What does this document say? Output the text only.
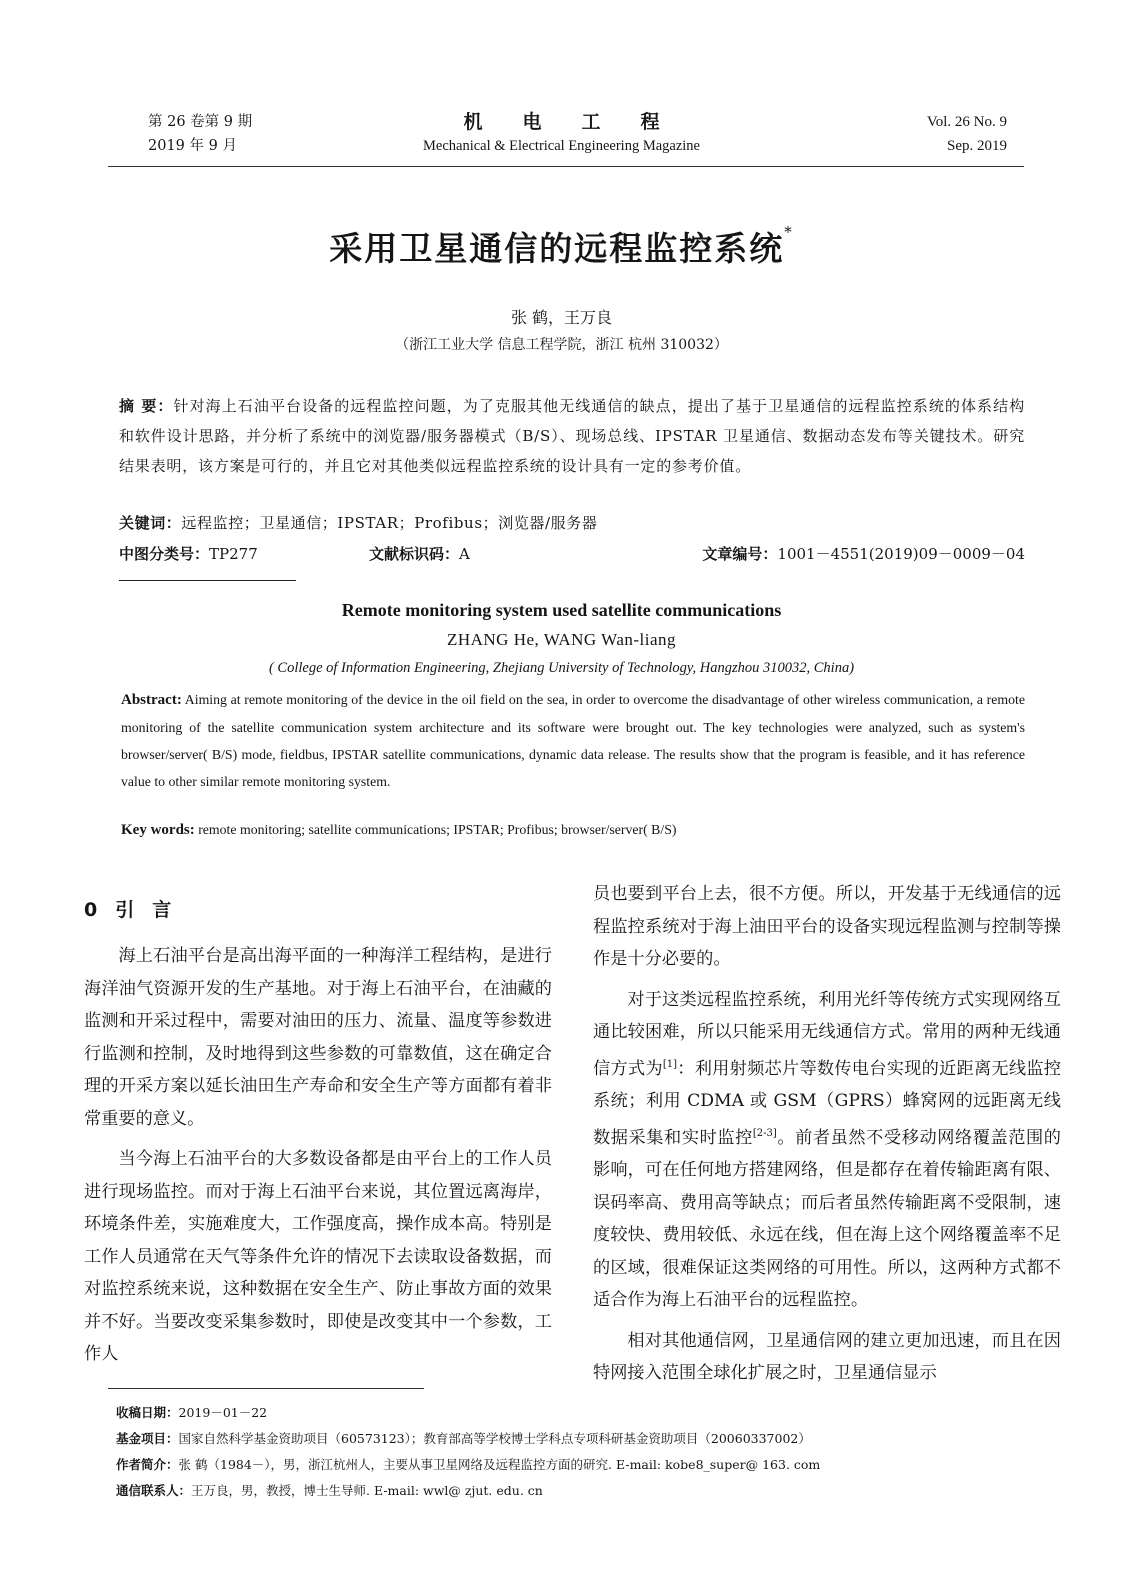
第 26 卷第 9 期
2019 年 9 月
机电工程
Mechanical & Electrical Engineering Magazine
Vol. 26 No. 9
Sep. 2019
采用卫星通信的远程监控系统*
张 鹤，王万良
（浙江工业大学 信息工程学院，浙江 杭州 310032）
摘 要：针对海上石油平台设备的远程监控问题，为了克服其他无线通信的缺点，提出了基于卫星通信的远程监控系统的体系结构和软件设计思路，并分析了系统中的浏览器/服务器模式（B/S）、现场总线、IPSTAR 卫星通信、数据动态发布等关键技术。研究结果表明，该方案是可行的，并且它对其他类似远程监控系统的设计具有一定的参考价值。
关键词：远程监控；卫星通信；IPSTAR；Profibus；浏览器/服务器
中图分类号：TP277	文献标识码：A	文章编号：1001－4551(2019)09－0009－04
Remote monitoring system used satellite communications
ZHANG He, WANG Wan-liang
( College of Information Engineering, Zhejiang University of Technology, Hangzhou 310032, China)
Abstract: Aiming at remote monitoring of the device in the oil field on the sea, in order to overcome the disadvantage of other wireless communication, a remote monitoring of the satellite communication system architecture and its software were brought out. The key technologies were analyzed, such as system's browser/server( B/S) mode, fieldbus, IPSTAR satellite communications, dynamic data release. The results show that the program is feasible, and it has reference value to other similar remote monitoring system.
Key words: remote monitoring; satellite communications; IPSTAR; Profibus; browser/server( B/S)
0 引言

海上石油平台是高出海平面的一种海洋工程结构，是进行海洋油气资源开发的生产基地。对于海上石油平台，在油藏的监测和开采过程中，需要对油田的压力、流量、温度等参数进行监测和控制，及时地得到这些参数的可靠数值，这在确定合理的开采方案以延长油田生产寿命和安全生产等方面都有着非常重要的意义。

当今海上石油平台的大多数设备都是由平台上的工作人员进行现场监控。而对于海上石油平台来说，其位置远离海岸，环境条件差，实施难度大，工作强度高，操作成本高。特别是工作人员通常在天气等条件允许的情况下去读取设备数据，而对监控系统来说，这种数据在安全生产、防止事故方面的效果并不好。当要改变采集参数时，即使是改变其中一个参数，工作人

员也要到平台上去，很不方便。所以，开发基于无线通信的远程监控系统对于海上油田平台的设备实现远程监测与控制等操作是十分必要的。

对于这类远程监控系统，利用光纤等传统方式实现网络互通比较困难，所以只能采用无线通信方式。常用的两种无线通信方式为[1]：利用射频芯片等数传电台实现的近距离无线监控系统；利用 CDMA 或 GSM（GPRS）蜂窝网的远距离无线数据采集和实时监控[2-3]。前者虽然不受移动网络覆盖范围的影响，可在任何地方搭建网络，但是都存在着传输距离有限、误码率高、费用高等缺点；而后者虽然传输距离不受限制，速度较快、费用较低、永远在线，但在海上这个网络覆盖率不足的区域，很难保证这类网络的可用性。所以，这两种方式都不适合作为海上石油平台的远程监控。

相对其他通信网，卫星通信网的建立更加迅速，而且在因特网接入范围全球化扩展之时，卫星通信显示

收稿日期：2019－01－22
基金项目：国家自然科学基金资助项目（60573123）；教育部高等学校博士学科点专项科研基金资助项目（20060337002）
作者简介：张 鹤（1984－），男，浙江杭州人，主要从事卫星网络及远程监控方面的研究. E-mail: kobe8_super@ 163. com
通信联系人：王万良，男，教授，博士生导师. E-mail: wwl@ zjut. edu. cn
